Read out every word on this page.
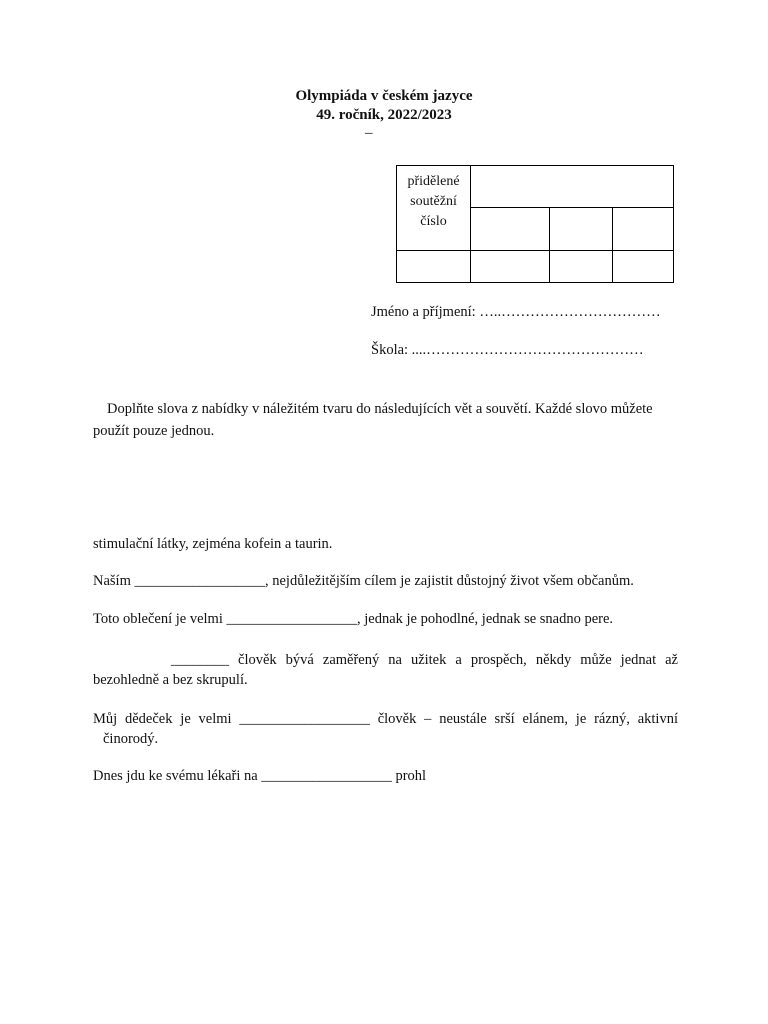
Olympiáda v českém jazyce
49. ročník, 2022/2023
–
přidělené
soutěžní
číslo			

Jméno a příjmení: …..……………………………
Škola: ....………………………………………
Doplňte slova z nabídky v náležitém tvaru do následujících vět a souvětí. Každé slovo můžete použít pouze jednou.
stimulační látky, zejména kofein a taurin.
Naším __________________, nejdůležitějším cílem je zajistit důstojný život všem občanům.
Toto oblečení je velmi __________________, jednak je pohodlné, jednak se snadno pere.
________ člověk bývá zaměřený na užitek a prospěch, někdy může jednat až
bezohledně a bez skrupulí.
Můj dědeček je velmi __________________ člověk – neustále srší elánem, je rázný, aktivní
činorodý.
Dnes jdu ke svému lékaři na __________________ prohl
